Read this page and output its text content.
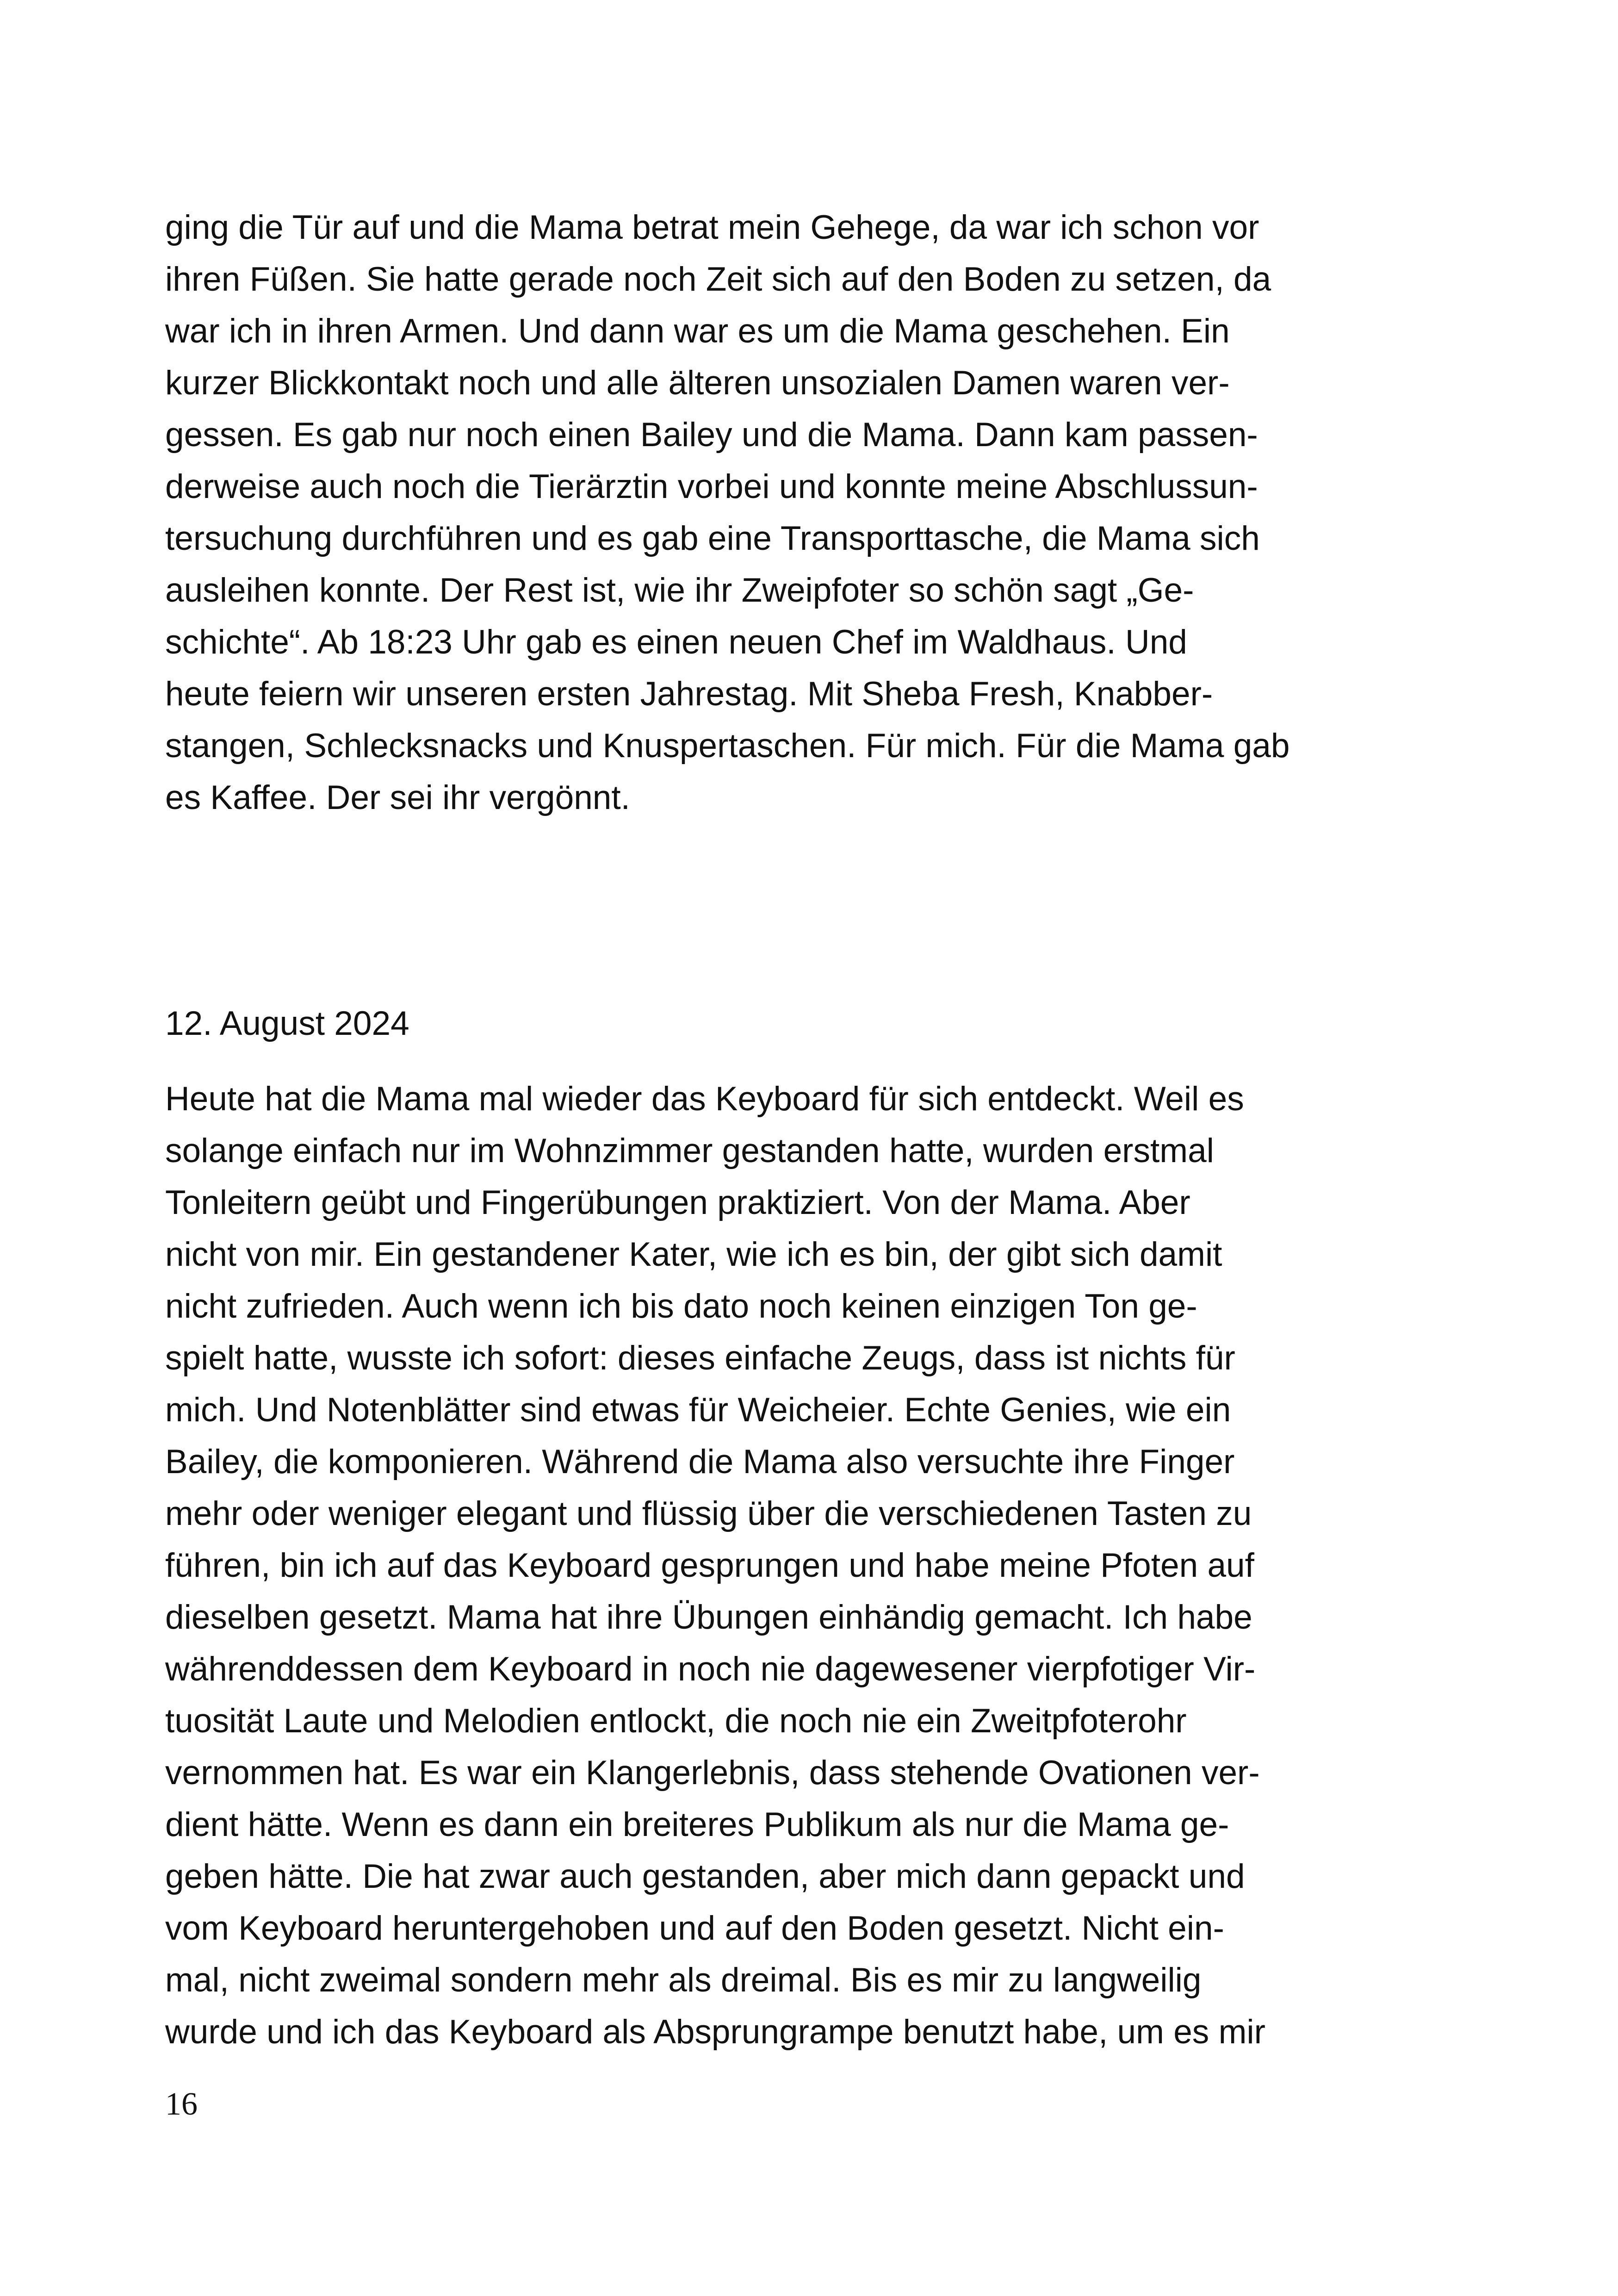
ging die Tür auf und die Mama betrat mein Gehege, da war ich schon vor
ihren Füßen. Sie hatte gerade noch Zeit sich auf den Boden zu setzen, da
war ich in ihren Armen. Und dann war es um die Mama geschehen. Ein
kurzer Blickkontakt noch und alle älteren unsozialen Damen waren ver-
gessen. Es gab nur noch einen Bailey und die Mama. Dann kam passen-
derweise auch noch die Tierärztin vorbei und konnte meine Abschlussun-
tersuchung durchführen und es gab eine Transporttasche, die Mama sich
ausleihen konnte. Der Rest ist, wie ihr Zweipfoter so schön sagt „Ge-
schichte“. Ab 18:23 Uhr gab es einen neuen Chef im Waldhaus. Und
heute feiern wir unseren ersten Jahrestag. Mit Sheba Fresh, Knabber-
stangen, Schlecksnacks und Knuspertaschen. Für mich. Für die Mama gab
es Kaffee. Der sei ihr vergönnt.
12. August 2024
Heute hat die Mama mal wieder das Keyboard für sich entdeckt. Weil es
solange einfach nur im Wohnzimmer gestanden hatte, wurden erstmal
Tonleitern geübt und Fingerübungen praktiziert. Von der Mama. Aber
nicht von mir. Ein gestandener Kater, wie ich es bin, der gibt sich damit
nicht zufrieden. Auch wenn ich bis dato noch keinen einzigen Ton ge-
spielt hatte, wusste ich sofort: dieses einfache Zeugs, dass ist nichts für
mich. Und Notenblätter sind etwas für Weicheier. Echte Genies, wie ein
Bailey, die komponieren. Während die Mama also versuchte ihre Finger
mehr oder weniger elegant und flüssig über die verschiedenen Tasten zu
führen, bin ich auf das Keyboard gesprungen und habe meine Pfoten auf
dieselben gesetzt. Mama hat ihre Übungen einhändig gemacht. Ich habe
währenddessen dem Keyboard in noch nie dagewesener vierpfotiger Vir-
tuosität Laute und Melodien entlockt, die noch nie ein Zweitpfoterohr
vernommen hat. Es war ein Klangerlebnis, dass stehende Ovationen ver-
dient hätte. Wenn es dann ein breiteres Publikum als nur die Mama ge-
geben hätte. Die hat zwar auch gestanden, aber mich dann gepackt und
vom Keyboard heruntergehoben und auf den Boden gesetzt. Nicht ein-
mal, nicht zweimal sondern mehr als dreimal. Bis es mir zu langweilig
wurde und ich das Keyboard als Absprungrampe benutzt habe, um es mir
16
